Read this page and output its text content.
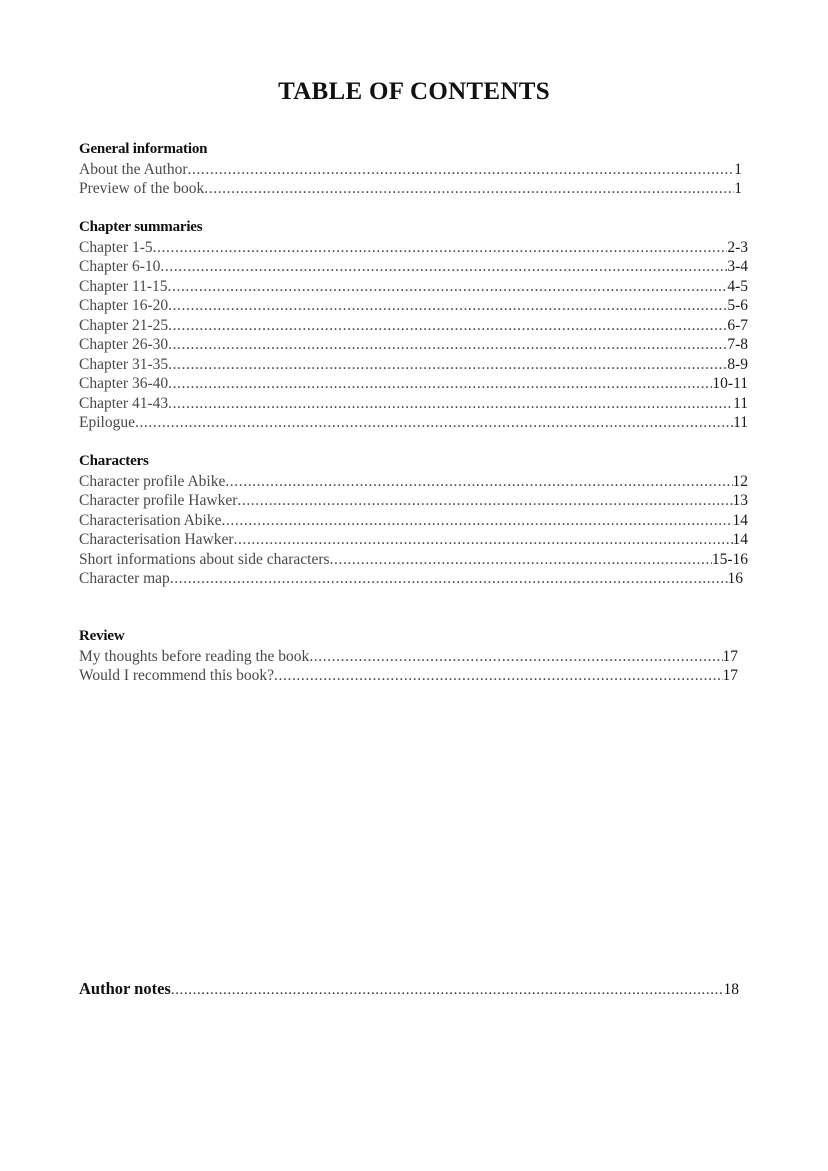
TABLE OF CONTENTS
General information
About the Author .....	1
Preview of the book .....	1
Chapter summaries
Chapter 1-5 .....	2-3
Chapter 6-10 .....	3-4
Chapter 11-15 .....	4-5
Chapter 16-20 .....	5-6
Chapter 21-25 .....	6-7
Chapter 26-30 .....	7-8
Chapter 31-35 .....	8-9
Chapter 36-40 .....	10-11
Chapter 41-43 .....	11
Epilogue .....	11
Characters
Character profile Abike .....	12
Character profile Hawker .....	13
Characterisation Abike .....	14
Characterisation Hawker .....	14
Short informations about side characters .....	15-16
Character map .....	16
Review
My thoughts before reading the book .....	17
Would I recommend this book? .....	17
Author notes .....	18
